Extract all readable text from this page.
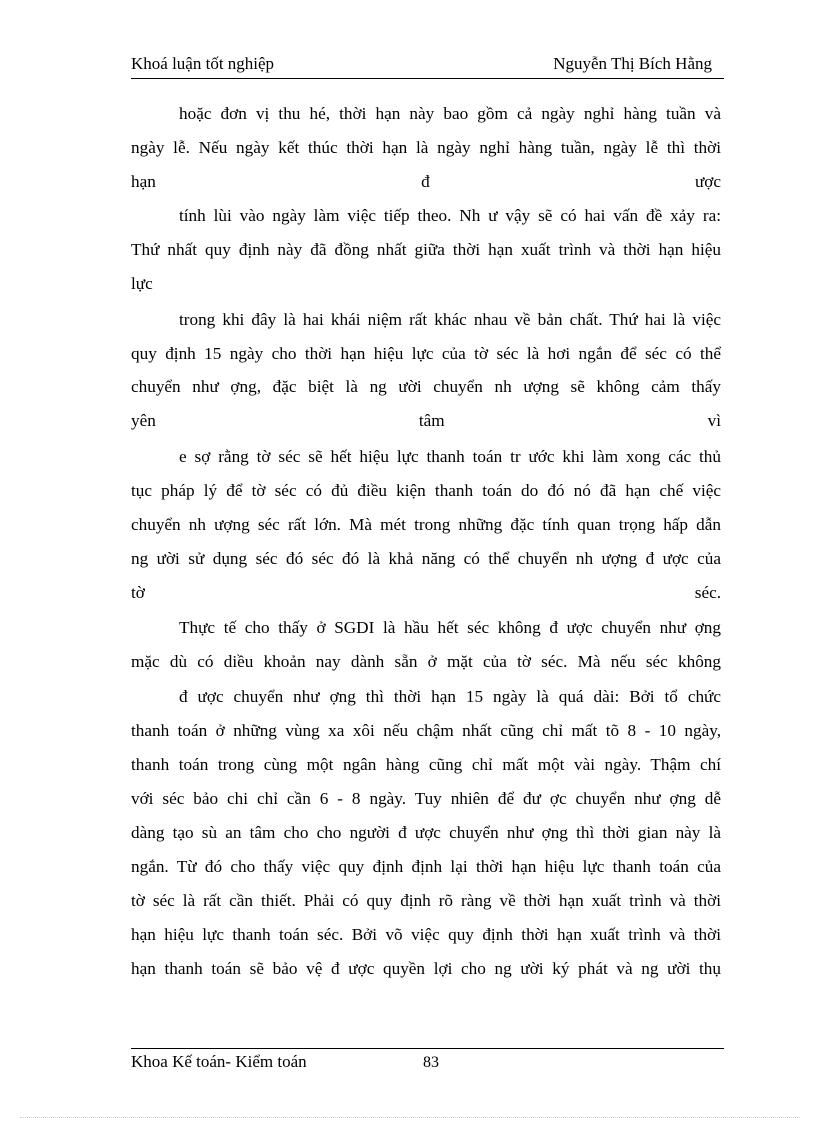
Khoá luận tốt nghiệp	Nguyễn Thị Bích Hằng
hoặc đơn vị thu hé, thời hạn này bao gồm cả ngày nghỉ hàng tuần và
ngày lễ. Nếu ngày kết thúc thời hạn là ngày nghỉ hàng tuần, ngày lễ thì thời
hạn đ ược
tính lùi vào ngày làm việc tiếp theo. Nh ư vậy sẽ có hai vấn đề xảy ra:
Thứ nhất quy định này đã đồng nhất giữa thời hạn xuất trình và thời hạn hiệu
lực
trong khi đây là hai khái niệm rất khác nhau về bản chất. Thứ hai là việc
quy định 15 ngày cho thời hạn hiệu lực của tờ séc là hơi ngắn để séc có thể
chuyển như ợng, đặc biệt là ng ười chuyển nh ượng sẽ không cảm thấy
yên tâm vì
e sợ rằng tờ séc sẽ hết hiệu lực thanh toán tr ước khi làm xong các thủ
tục pháp lý để tờ séc có đủ điều kiện thanh toán do đó nó đã hạn chế việc
chuyển nh ượng séc rất lớn. Mà mét trong những đặc tính quan trọng hấp dẫn
ng ười sử dụng séc đó séc đó là khả năng có thể chuyển nh ượng đ ược của
tờ séc.
Thực tế cho thấy ở SGDI là hầu hết séc không đ ược chuyển như ợng
mặc dù có diều khoản nay dành sẵn ở mặt của tờ séc. Mà nếu séc không
đ ược chuyển như ợng thì thời hạn 15 ngày là quá dài: Bởi tổ chức
thanh toán ở những vùng xa xôi nếu chậm nhất cũng chỉ mất tõ 8 - 10 ngày,
thanh toán trong cùng một ngân hàng cũng chỉ mất một vài ngày. Thậm chí
với séc bảo chi chỉ cần 6 - 8 ngày. Tuy nhiên để đư ợc chuyển như ợng dễ
dàng tạo sù an tâm cho cho người đ ược chuyển như ợng thì thời gian này là
ngắn. Từ đó cho thấy việc quy định định lại thời hạn hiệu lực thanh toán của
tờ séc là rất cần thiết. Phải có quy định rõ ràng về thời hạn xuất trình và thời
hạn hiệu lực thanh toán séc. Bởi võ việc quy định thời hạn xuất trình và thời
hạn thanh toán sẽ bảo vệ đ ược quyền lợi cho ng ười ký phát và ng ười thụ
Khoa Kế toán- Kiểm toán	83
